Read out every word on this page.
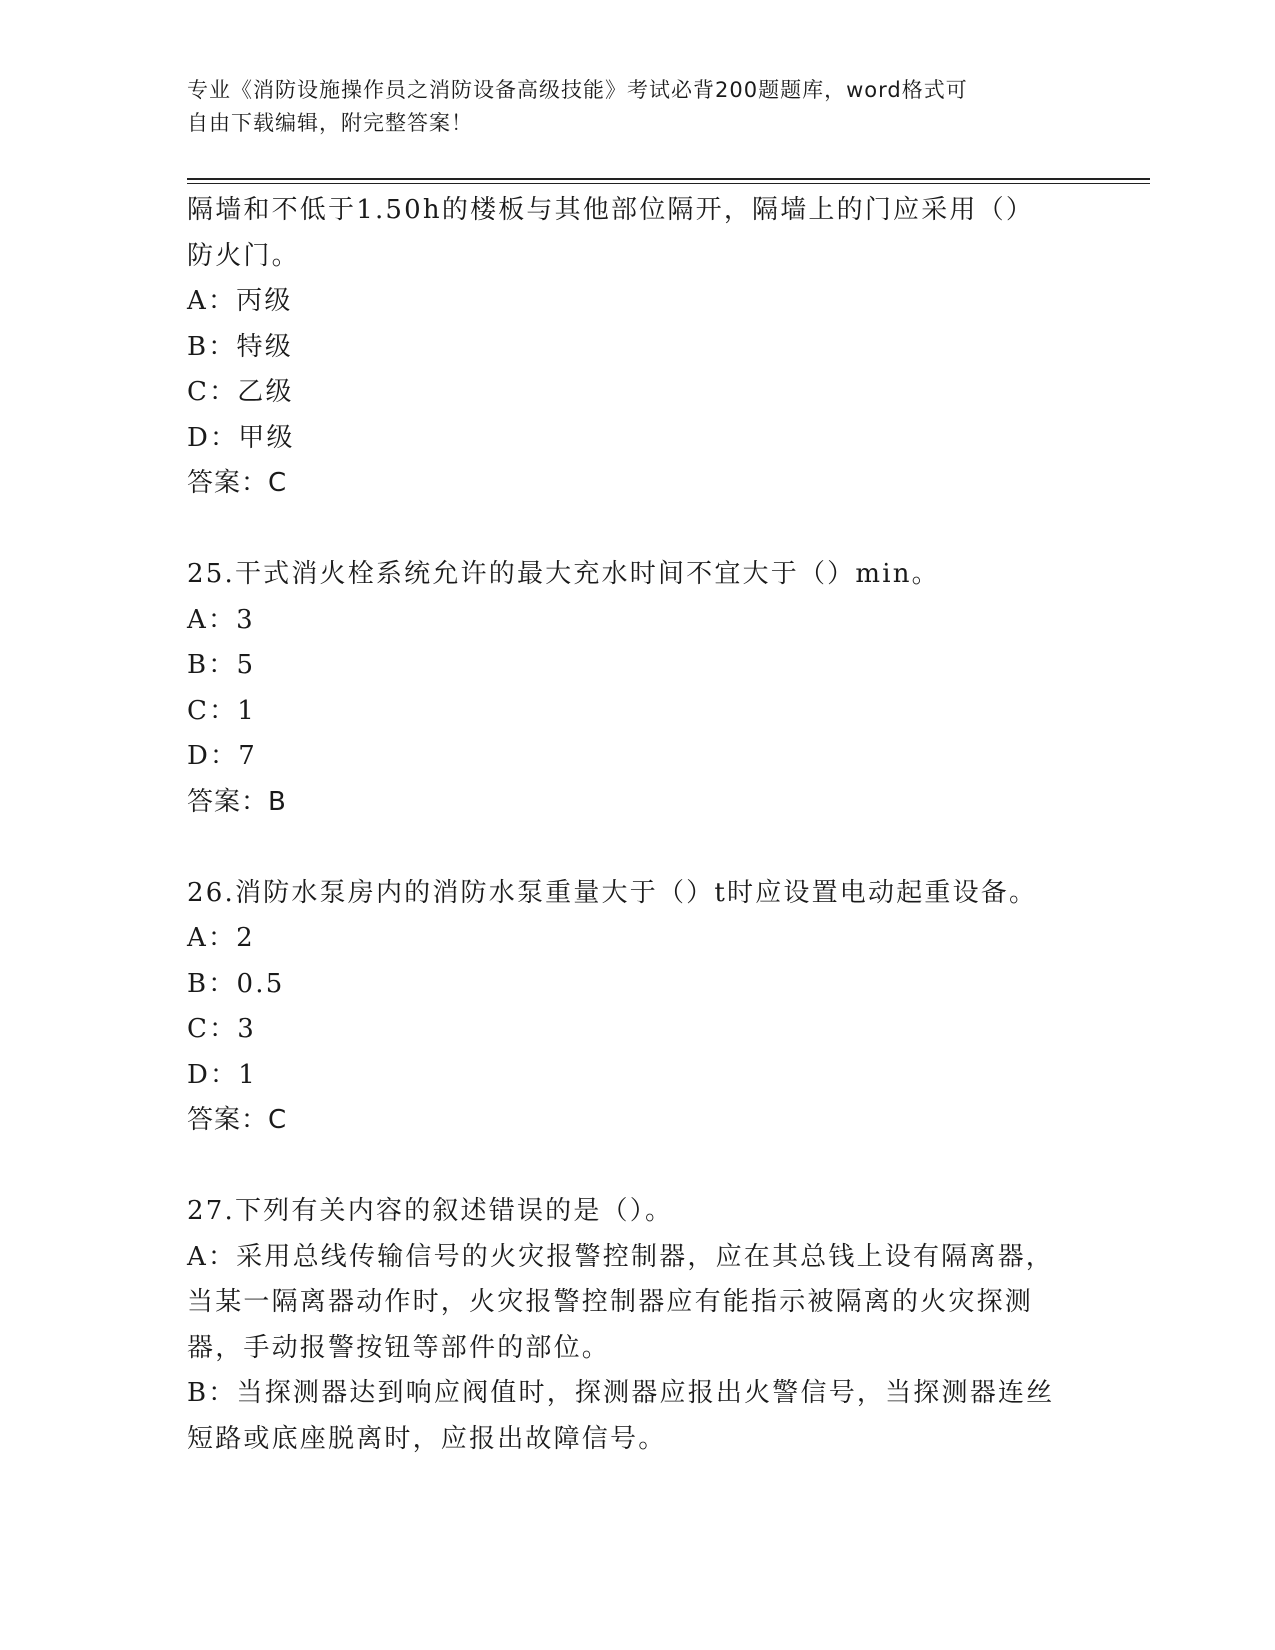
专业《消防设施操作员之消防设备高级技能》考试必背200题题库，word格式可
自由下载编辑，附完整答案！
隔墙和不低于1.50h的楼板与其他部位隔开，隔墙上的门应采用（）
防火门。
A：丙级
B：特级
C：乙级
D：甲级
答案：C
25.干式消火栓系统允许的最大充水时间不宜大于（）min。
A：3
B：5
C：1
D：7
答案：B
26.消防水泵房内的消防水泵重量大于（）t时应设置电动起重设备。
A：2
B：0.5
C：3
D：1
答案：C
27.下列有关内容的叙述错误的是（）。
A：采用总线传输信号的火灾报警控制器，应在其总钱上设有隔离器，
当某一隔离器动作时，火灾报警控制器应有能指示被隔离的火灾探测
器，手动报警按钮等部件的部位。
B：当探测器达到响应阀值时，探测器应报出火警信号，当探测器连丝
短路或底座脱离时，应报出故障信号。
